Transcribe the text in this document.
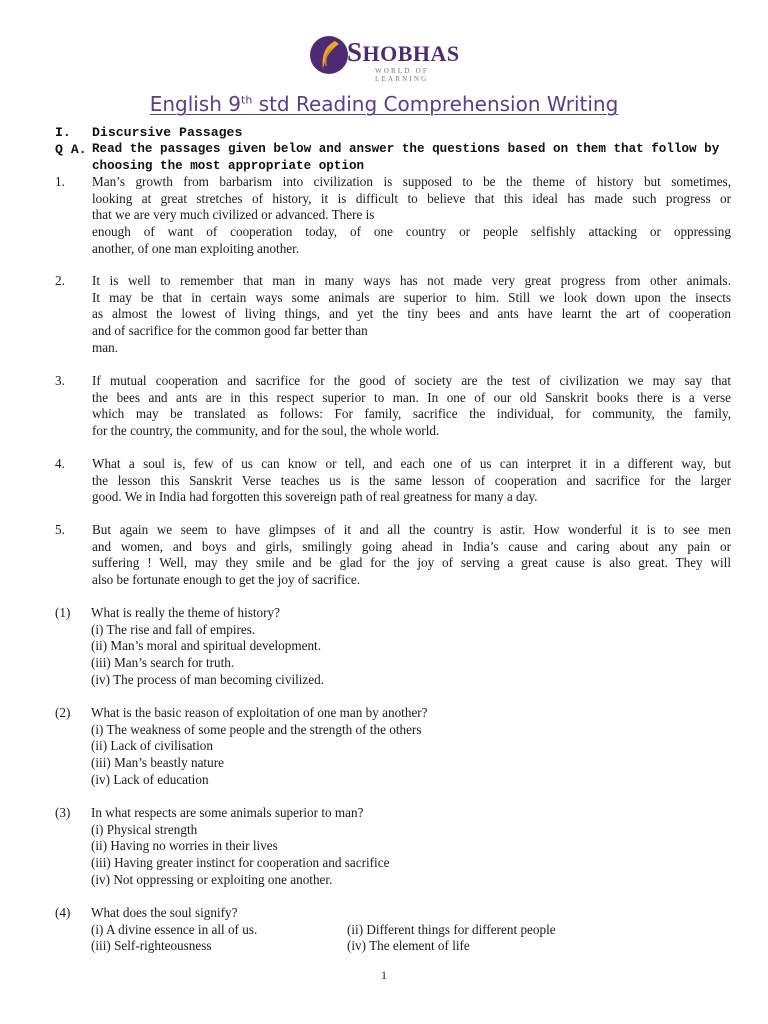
SHOBHAS
WORLD OF LEARNING
English 9th std Reading Comprehension Writing
I. Discursive Passages
Q A. Read the passages given below and answer the questions based on them that follow by
choosing the most appropriate option
1
1. Man’s growth from barbarism into civilization is supposed to be the theme of history but sometimes,
looking at great stretches of history, it is difficult to believe that this ideal has made such progress or
that we are very much civilized or advanced. There is
enough of want of cooperation today, of one country or people selfishly attacking or oppressing
another, of one man exploiting another.
2. It is well to remember that man in many ways has not made very great progress from other animals.
It may be that in certain ways some animals are superior to him. Still we look down upon the insects
as almost the lowest of living things, and yet the tiny bees and ants have learnt the art of cooperation
and of sacrifice for the common good far better than
man.
3. If mutual cooperation and sacrifice for the good of society are the test of civilization we may say that
the bees and ants are in this respect superior to man. In one of our old Sanskrit books there is a verse
which may be translated as follows: For family, sacrifice the individual, for community, the family,
for the country, the community, and for the soul, the whole world.
4. What a soul is, few of us can know or tell, and each one of us can interpret it in a different way, but
the lesson this Sanskrit Verse teaches us is the same lesson of cooperation and sacrifice for the larger
good. We in India had forgotten this sovereign path of real greatness for many a day.
5. But again we seem to have glimpses of it and all the country is astir. How wonderful it is to see men
and women, and boys and girls, smilingly going ahead in India’s cause and caring about any pain or
suffering ! Well, may they smile and be glad for the joy of serving a great cause is also great. They will
also be fortunate enough to get the joy of sacrifice.
(1) What is really the theme of history?
(i) The rise and fall of empires.
(ii) Man’s moral and spiritual development.
(iii) Man’s search for truth.
(iv) The process of man becoming civilized.
(2) What is the basic reason of exploitation of one man by another?
(i) The weakness of some people and the strength of the others
(ii) Lack of civilisation
(iii) Man’s beastly nature
(iv) Lack of education
(3) In what respects are some animals superior to man?
(i) Physical strength
(ii) Having no worries in their lives
(iii) Having greater instinct for cooperation and sacrifice
(iv) Not oppressing or exploiting one another.
(4) What does the soul signify?
(i) A divine essence in all of us.	(ii) Different things for different people
(iii) Self-righteousness	(iv) The element of life
